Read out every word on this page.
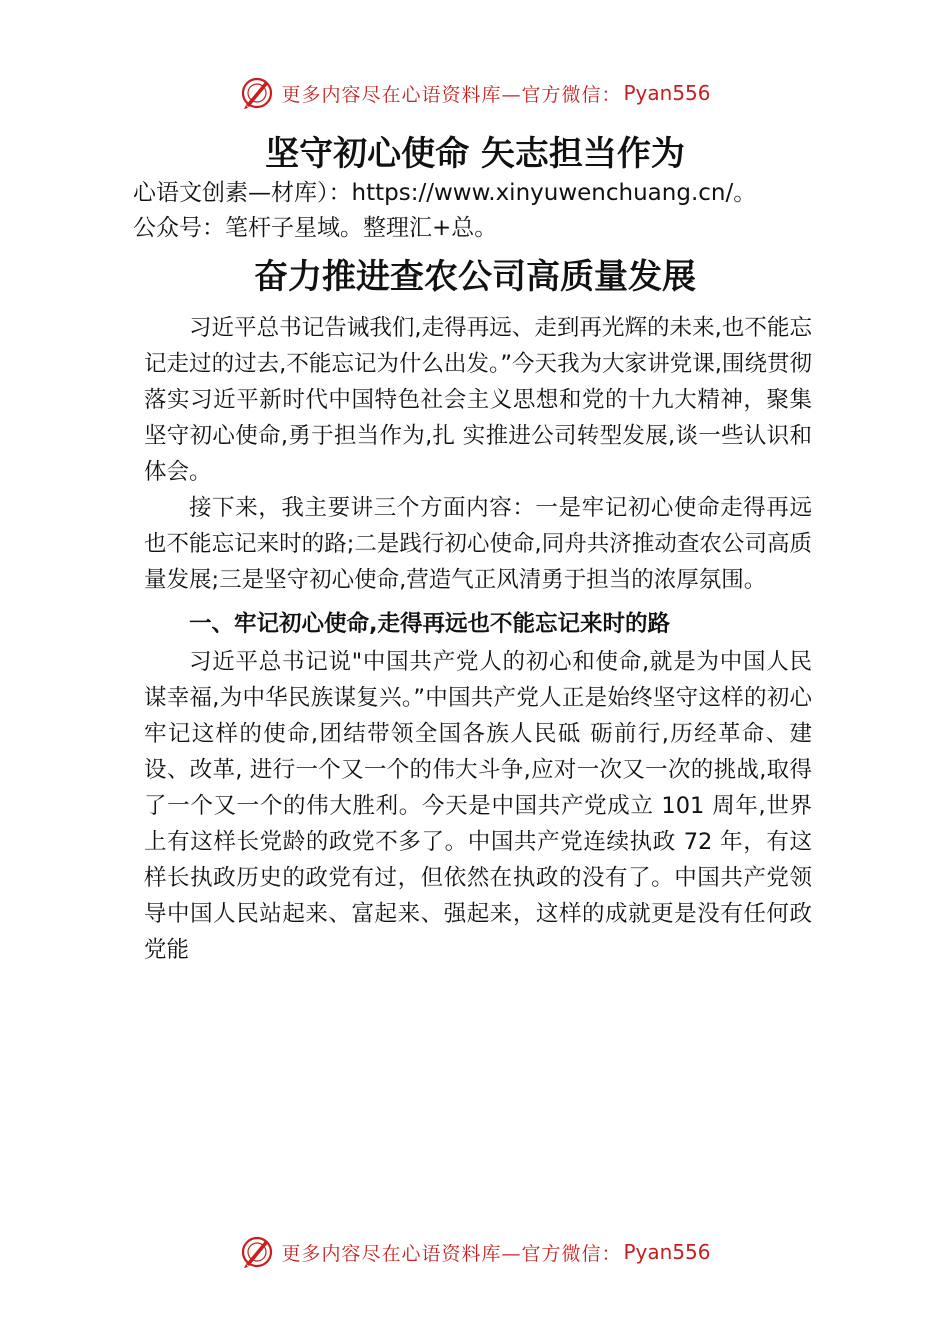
更多内容尽在心语资料库—官方微信： Pyan556
坚守初心使命 矢志担当作为
心语文创素—材库）：https://www.xinyuwenchuang.cn/。
公众号：笔杆子星域。整理汇+总。
奋力推进查农公司高质量发展

习近平总书记告诫我们,走得再远、走到再光辉的未来,也不能忘记走过的过去,不能忘记为什么出发。”今天我为大家讲党课,围绕贯彻落实习近平新时代中国特色社会主义思想和党的十九大精神，聚集坚守初心使命,勇于担当作为,扎 实推进公司转型发展,谈一些认识和体会。

接下来，我主要讲三个方面内容：一是牢记初心使命走得再远也不能忘记来时的路;二是践行初心使命,同舟共济推动查农公司高质量发展;三是坚守初心使命,营造气正风清勇于担当的浓厚氛围。

一、牢记初心使命,走得再远也不能忘记来时的路

习近平总书记说"中国共产党人的初心和使命,就是为中国人民谋幸福,为中华民族谋复兴。”中国共产党人正是始终坚守这样的初心牢记这样的使命,团结带领全国各族人民砥 砺前行,历经革命、建设、改革, 进行一个又一个的伟大斗争,应对一次又一次的挑战,取得了一个又一个的伟大胜利。今天是中国共产党成立 101 周年,世界上有这样长党龄的政党不多了。中国共产党连续执政 72 年，有这样长执政历史的政党有过，但依然在执政的没有了。中国共产党领导中国人民站起来、富起来、强起来，这样的成就更是没有任何政党能

更多内容尽在心语资料库—官方微信： Pyan556
